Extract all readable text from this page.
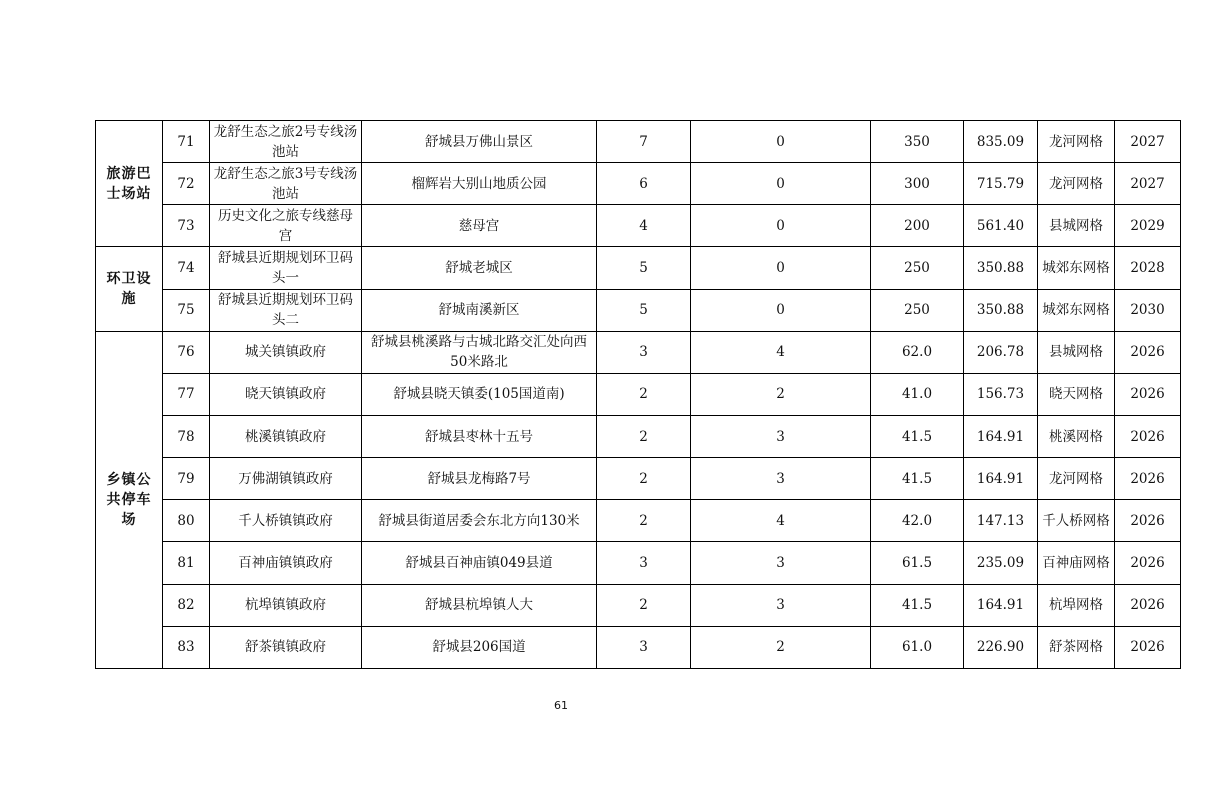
旅游巴
士场站	71	龙舒生态之旅2号专线汤池站	舒城县万佛山景区	7	0	350	835.09	龙河网格	2027
	72	龙舒生态之旅3号专线汤池站	榴辉岩大别山地质公园	6	0	300	715.79	龙河网格	2027
	73	历史文化之旅专线慈母宫	慈母宫	4	0	200	561.40	县城网格	2029
环卫设
施	74	舒城县近期规划环卫码头一	舒城老城区	5	0	250	350.88	城郊东网格	2028
	75	舒城县近期规划环卫码头二	舒城南溪新区	5	0	250	350.88	城郊东网格	2030
乡镇公
共停车
场	76	城关镇镇政府	舒城县桃溪路与古城北路交汇处向西50米路北	3	4	62.0	206.78	县城网格	2026
	77	晓天镇镇政府	舒城县晓天镇委(105国道南)	2	2	41.0	156.73	晓天网格	2026
	78	桃溪镇镇政府	舒城县枣林十五号	2	3	41.5	164.91	桃溪网格	2026
	79	万佛湖镇镇政府	舒城县龙梅路7号	2	3	41.5	164.91	龙河网格	2026
	80	千人桥镇镇政府	舒城县街道居委会东北方向130米	2	4	42.0	147.13	千人桥网格	2026
	81	百神庙镇镇政府	舒城县百神庙镇049县道	3	3	61.5	235.09	百神庙网格	2026
	82	杭埠镇镇政府	舒城县杭埠镇人大	2	3	41.5	164.91	杭埠网格	2026
	83	舒茶镇镇政府	舒城县206国道	3	2	61.0	226.90	舒茶网格	2026
61
